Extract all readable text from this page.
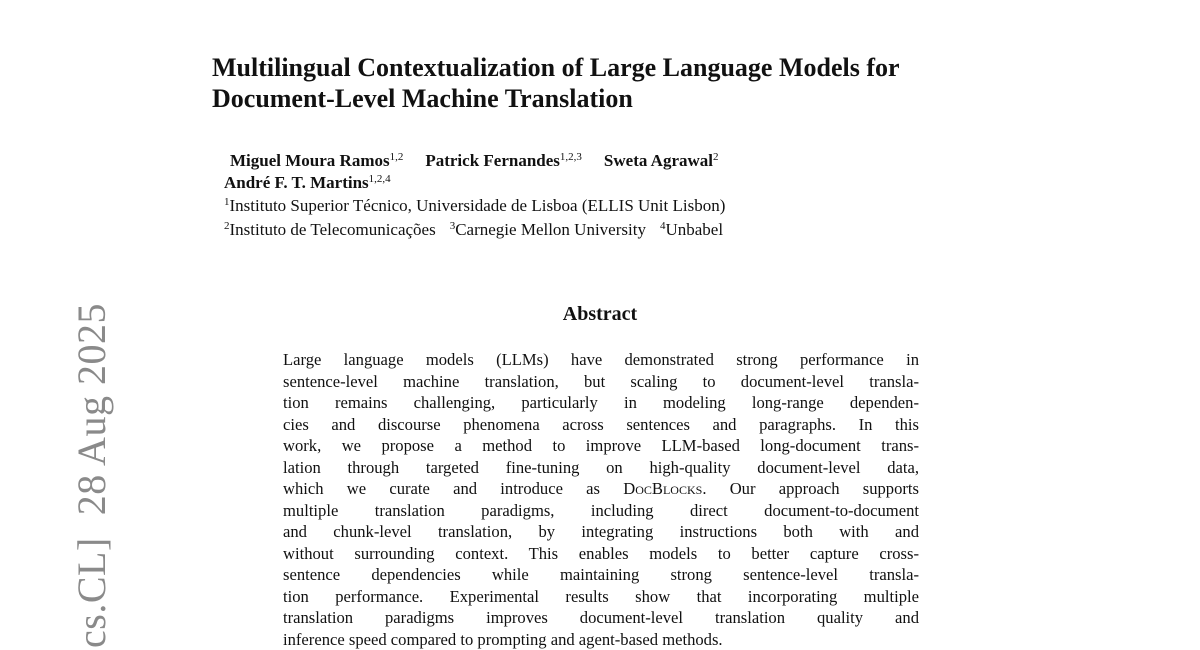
cs.CL]28 Aug 2025
Multilingual Contextualization of Large Language Models for
Document-Level Machine Translation
Miguel Moura Ramos$^{1,2}$ Patrick Fernandes$^{1,2,3}$ Sweta Agrawal$^2$
André F. T. Martins$^{1,2,4}$
$^1$Instituto Superior Técnico, Universidade de Lisboa (ELLIS Unit Lisbon)
$^2$Instituto de Telecomunicações $^3$Carnegie Mellon University $^4$Unbabel
Abstract
Large language models (LLMs) have demonstrated strong performance in
sentence-level machine translation, but scaling to document-level transla-
tion remains challenging, particularly in modeling long-range dependen-
cies and discourse phenomena across sentences and paragraphs. In this
work, we propose a method to improve LLM-based long-document trans-
lation through targeted fine-tuning on high-quality document-level data,
which we curate and introduce as DocBlocks. Our approach supports
multiple translation paradigms, including direct document-to-document
and chunk-level translation, by integrating instructions both with and
without surrounding context. This enables models to better capture cross-
sentence dependencies while maintaining strong sentence-level transla-
tion performance. Experimental results show that incorporating multiple
translation paradigms improves document-level translation quality and
inference speed compared to prompting and agent-based methods.
